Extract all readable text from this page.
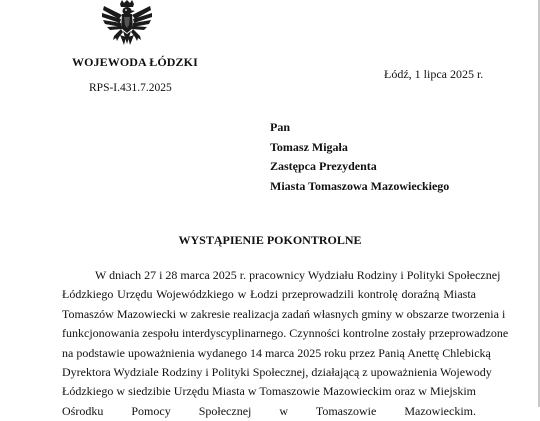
WOJEWODA ŁÓDZKI
Łódź, 1 lipca 2025 r.
RPS-I.431.7.2025
Pan
Tomasz Migała
Zastępca Prezydenta
Miasta Tomaszowa Mazowieckiego
WYSTĄPIENIE POKONTROLNE
W dniach 27 i 28 marca 2025 r. pracownicy Wydziału Rodziny i Polityki Społecznej
Łódzkiego Urzędu Wojewódzkiego w Łodzi przeprowadzili kontrolę doraźną Miasta
Tomaszów Mazowiecki w zakresie realizacja zadań własnych gminy w obszarze tworzenia i
funkcjonowania zespołu interdyscyplinarnego. Czynności kontrolne zostały przeprowadzone
na podstawie upoważnienia wydanego 14 marca 2025 roku przez Panią Anettę Chlebicką
Dyrektora Wydziale Rodziny i Polityki Społecznej, działającą z upoważnienia Wojewody
Łódzkiego w siedzibie Urzędu Miasta w Tomaszowie Mazowieckim oraz w Miejskim
Ośrodku Pomocy Społecznej w Tomaszowie Mazowieckim.
